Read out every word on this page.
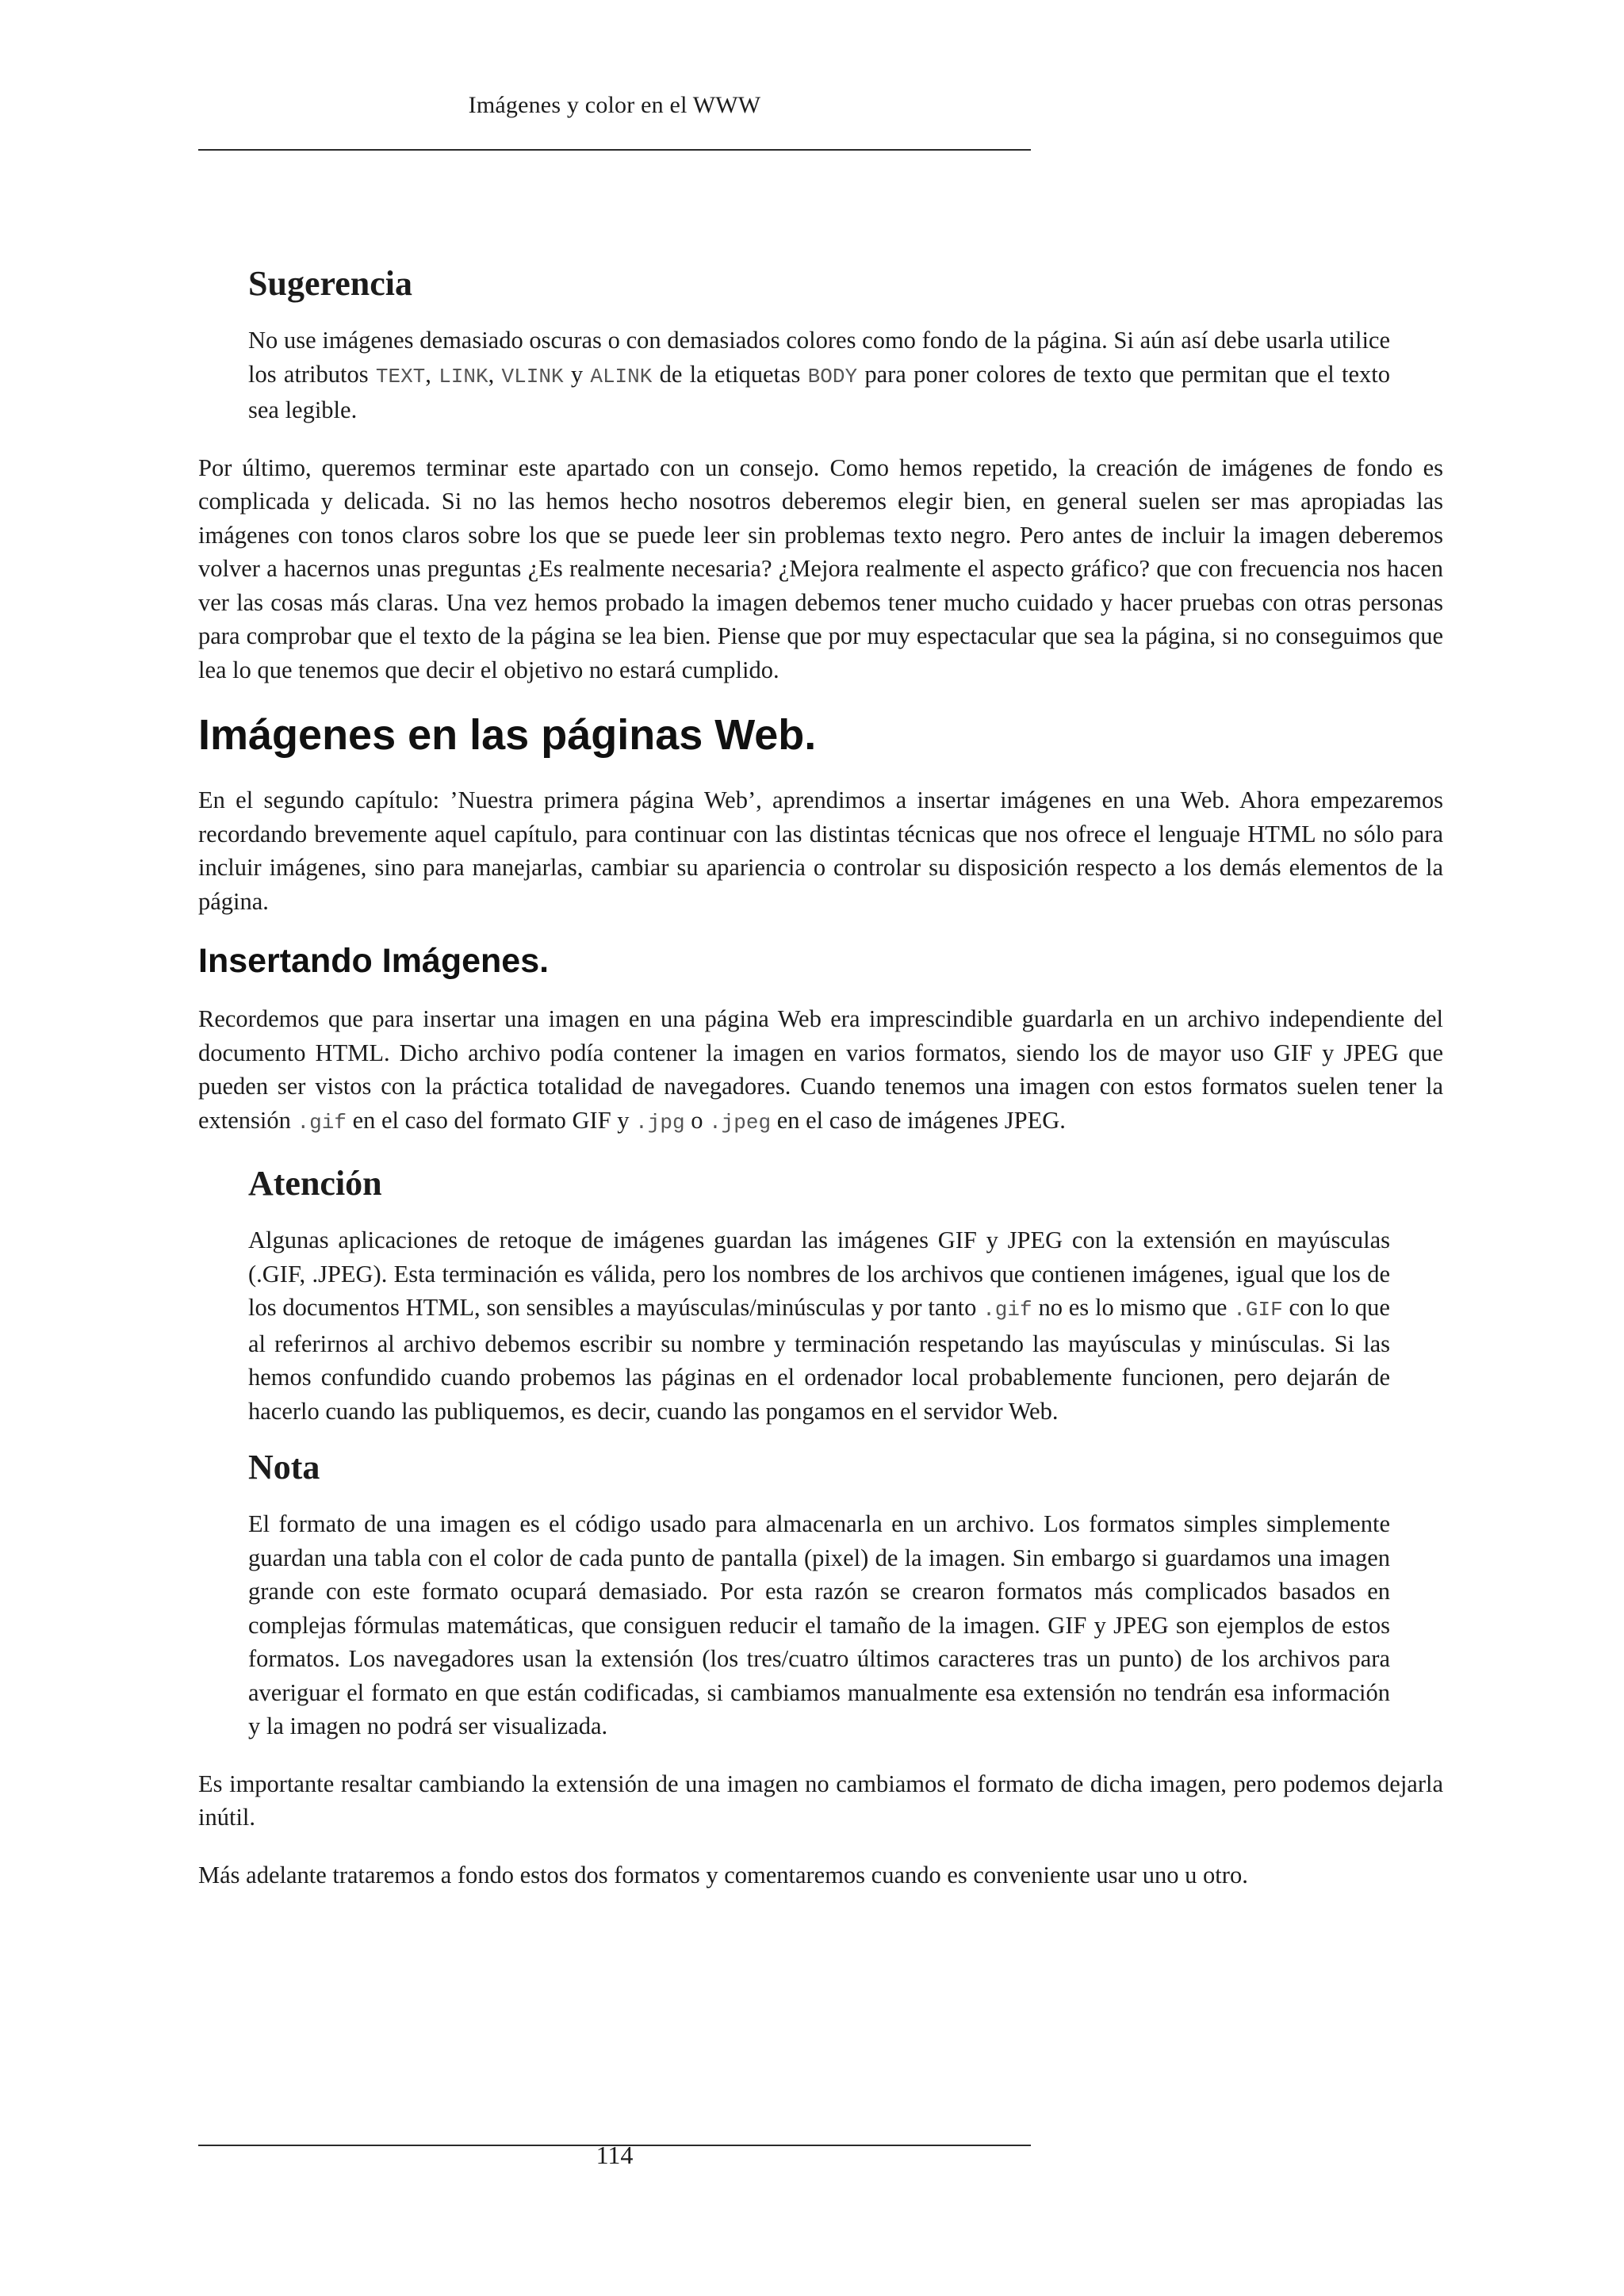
Imágenes y color en el WWW
Sugerencia

No use imágenes demasiado oscuras o con demasiados colores como fondo de la página. Si aún así debe usarla utilice los atributos TEXT, LINK, VLINK y ALINK de la etiquetas BODY para poner colores de texto que permitan que el texto sea legible.

Por último, queremos terminar este apartado con un consejo. Como hemos repetido, la creación de imágenes de fondo es complicada y delicada. Si no las hemos hecho nosotros deberemos elegir bien, en general suelen ser mas apropiadas las imágenes con tonos claros sobre los que se puede leer sin problemas texto negro. Pero antes de incluir la imagen deberemos volver a hacernos unas preguntas ¿Es realmente necesaria? ¿Mejora realmente el aspecto gráfico? que con frecuencia nos hacen ver las cosas más claras. Una vez hemos probado la imagen debemos tener mucho cuidado y hacer pruebas con otras personas para comprobar que el texto de la página se lea bien. Piense que por muy espectacular que sea la página, si no conseguimos que lea lo que tenemos que decir el objetivo no estará cumplido.

Imágenes en las páginas Web.

En el segundo capítulo: ’Nuestra primera página Web’, aprendimos a insertar imágenes en una Web. Ahora empezaremos recordando brevemente aquel capítulo, para continuar con las distintas técnicas que nos ofrece el lenguaje HTML no sólo para incluir imágenes, sino para manejarlas, cambiar su apariencia o controlar su disposición respecto a los demás elementos de la página.

Insertando Imágenes.

Recordemos que para insertar una imagen en una página Web era imprescindible guardarla en un archivo independiente del documento HTML. Dicho archivo podía contener la imagen en varios formatos, siendo los de mayor uso GIF y JPEG que pueden ser vistos con la práctica totalidad de navegadores. Cuando tenemos una imagen con estos formatos suelen tener la extensión .gif en el caso del formato GIF y .jpg o .jpeg en el caso de imágenes JPEG.

Atención

Algunas aplicaciones de retoque de imágenes guardan las imágenes GIF y JPEG con la extensión en mayúsculas (.GIF, .JPEG). Esta terminación es válida, pero los nombres de los archivos que contienen imágenes, igual que los de los documentos HTML, son sensibles a mayúsculas/minúsculas y por tanto .gif no es lo mismo que .GIF con lo que al referirnos al archivo debemos escribir su nombre y terminación respetando las mayúsculas y minúsculas. Si las hemos confundido cuando probemos las páginas en el ordenador local probablemente funcionen, pero dejarán de hacerlo cuando las publiquemos, es decir, cuando las pongamos en el servidor Web.

Nota

El formato de una imagen es el código usado para almacenarla en un archivo. Los formatos simples simplemente guardan una tabla con el color de cada punto de pantalla (pixel) de la imagen. Sin embargo si guardamos una imagen grande con este formato ocupará demasiado. Por esta razón se crearon formatos más complicados basados en complejas fórmulas matemáticas, que consiguen reducir el tamaño de la imagen. GIF y JPEG son ejemplos de estos formatos. Los navegadores usan la extensión (los tres/cuatro últimos caracteres tras un punto) de los archivos para averiguar el formato en que están codificadas, si cambiamos manualmente esa extensión no tendrán esa información y la imagen no podrá ser visualizada.

Es importante resaltar cambiando la extensión de una imagen no cambiamos el formato de dicha imagen, pero podemos dejarla inútil.

Más adelante trataremos a fondo estos dos formatos y comentaremos cuando es conveniente usar uno u otro.

114
